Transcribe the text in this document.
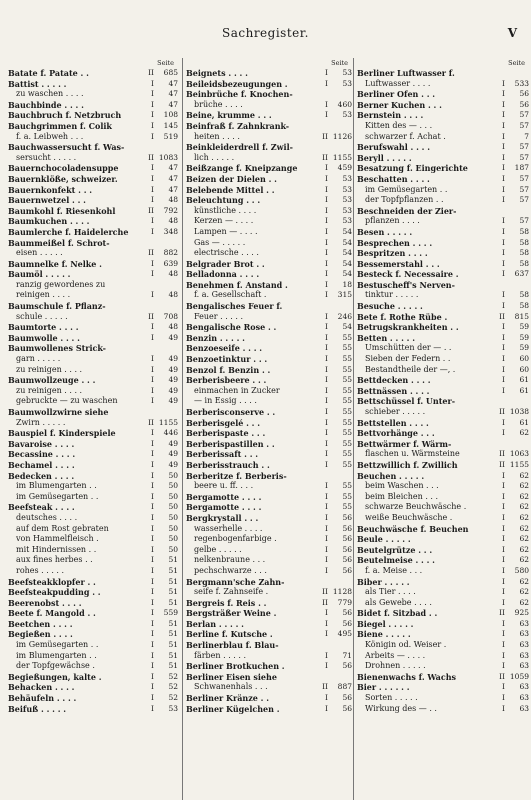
Sachregister.	V
Seite
Batate f. Patate . .	II	685
Battist . . . . .	I	47
zu waschen . . . .	I	47
Bauchbinde . . . .	I	47
Bauchbruch f. Netzbruch	I	108
Bauchgrimmen f. Colik	I	145
f. a. Leibweh . . .	I	519
Bauchwassersucht f. Was-
sersucht . . . . .	II 1083
Bauernchocoladensuppe	I	47
Bauernklöße, schweizer.	I	47
Bauernkonfekt . . .	I	47
Bauernwetzel . . .	I	48
Baumkohl f. Riesenkohl	II	792
Baumkuchen . . . .	I	48
Baumlerche f. Haidelerche	I	348
Baummeißel f. Schrot-
eisen . . . . .	II	882
Baumnelke f. Nelke .	I	639
Baumöl . . . . .	I	48
ranzig gewordenes zu
reinigen . . . .	I	48
Baumschule f. Pflanz-
schule . . . . .	II	708
Baumtorte . . . .	I	48
Baumwolle . . . .	I	49
Baumwollenes Strick-
garn . . . . .	I	49
zu reinigen . . . .	I	49
Baumwollzeuge . . .	I	49
zu reinigen . . . .	I	49
gebruckte — zu waschen	I	49
Baumwollzwirne siehe
Zwirn . . . . .	II 1155
Bauspiel f. Kinderspiele	I	446
Bavaroise . . . .	I	49
Becassine . . . .	I	49
Bechamel . . . .	I	49
Bedecken . . . .	I	50
im Blumengarten . .	I	50
im Gemüsegarten . .	I	50
Beefsteak . . . .	I	50
deutsches . . . .	I	50
auf dem Rost gebraten	I	50
von Hammelfleisch .	I	50
mit Hindernissen . .	I	50
aux fines herbes . .	I	51
rohes . . . . .	I	51
Beefsteakklopfer . .	I	51
Beefsteakpudding . .	I	51
Beerenobst . . . .	I	51
Beete f. Mangold . .	I	559
Beetchen . . . .	I	51
Begießen . . . .	I	51
im Gemüsegarten . .	I	51
im Blumengarten . .	I	51
der Topfgewächse .	I	51
Begießungen, kalte .	I	52
Behacken . . . .	I	52
Behäufeln . . . .	I	52
Beifuß . . . . .	I	53
Seite
Beignets . . . .	I	53
Beileidsbezeugungen .	I	53
Beinbrüche f. Knochen-
brüche . . . .	I	460
Beine, krumme . . .	I	53
Beinfraß f. Zahnkrank-
heiten . . . .	II 1126
Beinkleiderdrell f. Zwil-
lich . . . . .	II 1155
Beißzange f. Kneipzange	I	459
Beizen der Dielen . .	I	53
Belebende Mittel . .	I	53
Beleuchtung . . .	I	53
künstliche . . . .	I	53
Kerzen — . . . .	I	53
Lampen — . . . .	I	54
Gas — . . . . .	I	54
electrische . . . .	I	54
Belgrader Brot . .	I	54
Belladonna . . . .	I	54
Benehmen f. Anstand .	I	18
f. a. Gesellschaft .	I	315
Bengalisches Feuer f.
Feuer . . . . .	I	246
Bengalische Rose . .	I	54
Benzin . . . . .	I	55
Benzoeseife . . . .	I	55
Benzoetinktur . . .	I	55
Benzol f. Benzin . .	I	55
Berberisbeere . . .	I	55
einmachen in Zucker	I	55
— in Essig . . . .	I	55
Berberisconserve . .	I	55
Berberisgelé . . .	I	55
Berberispaste . . .	I	55
Berberispastillen . .	I	55
Berberissaft . . .	I	55
Berberisstrauch . .	I	55
Berberitze f. Berberis-
beere u. ff. . . .	I	55
Bergamotte . . . .	I	55
Bergamotte . . . .	I	55
Bergkrystall . . .	I	56
wasserhelle . . . .	I	56
regenbogenfarbige .	I	56
gelbe . . . . .	I	56
nelkenbraune . . .	I	56
pechschwarze . . .	I	56
Bergmann'sche Zahn-
seife f. Zahnseife .	II 1128
Bergreis f. Reis . .	II	779
Bergsträßer Weine .	I	56
Berlan . . . . .	I	56
Berline f. Kutsche .	I	495
Berlinerblau f. Blau-
färben . . . . .	I	71
Berliner Brotkuchen .	I	56
Berliner Eisen siehe
Schwanenhals . . .	II	887
Berliner Kränze . .	I	56
Berliner Kügelchen .	I	56
Seite
Berliner Luftwasser f.
Luftwasser . . . .	I	533
Berliner Ofen . . .	I	56
Berner Kuchen . . .	I	56
Bernstein . . . .	I	57
Kitten des — . . .	I	57
schwarzer f. Achat .	I	7
Berufswahl . . . .	I	57
Beryll . . . . .	I	57
Besatzung f. Eingerichte	I	187
Beschatten . . . .	I	57
im Gemüsegarten . .	I	57
der Topfpflanzen . .	I	57
Beschneiden der Zier-
pflanzen . . . .	I	57
Besen . . . . .	I	58
Besprechen . . . .	I	58
Bespritzen . . . .	I	58
Bessemerstahl . . .	I	58
Besteck f. Necessaire .	I	637
Bestuscheff's Nerven-
tinktur . . . . .	I	58
Besuche . . . . .	I	58
Bete f. Rothe Rübe .	II	815
Betrugskrankheiten . .	I	59
Betten . . . . .	I	59
Umschütten der — . .	I	59
Sieben der Federn . .	I	60
Bestandtheile der —, .	I	60
Bettdecken . . . .	I	61
Bettnässen . . . .	I	61
Bettschüssel f. Unter-
schieber . . . . .	II 1038
Bettstellen . . . .	I	61
Bettvorhänge . . .	I	62
Bettwärmer f. Wärm-
flaschen u. Wärmsteine	II 1063
Bettzwillich f. Zwillich	II 1155
Beuchen . . . . .	I	62
beim Waschen . . .	I	62
beim Bleichen . . .	I	62
schwarze Beuchwäsche .	I	62
weiße Beuchwäsche .	I	62
Beuchwäsche f. Beuchen	I	62
Beule . . . . .	I	62
Beutelgrütze . . .	I	62
Beutelmeise . . . .	I	62
f. a. Meise . . .	I	580
Biber . . . . .	I	62
als Tier . . . .	I	62
als Gewebe . . . .	I	62
Bidet f. Sitzbad . .	II	925
Biegel . . . . .	I	63
Biene . . . . .	I	63
Königin od. Weiser .	I	63
Arbeits — . . . .	I	63
Drohnen . . . . .	I	63
Bienenwachs f. Wachs	II 1059
Bier . . . . . .	I	63
Sorten . . . . .	I	63
Wirkung des — . .	I	63
